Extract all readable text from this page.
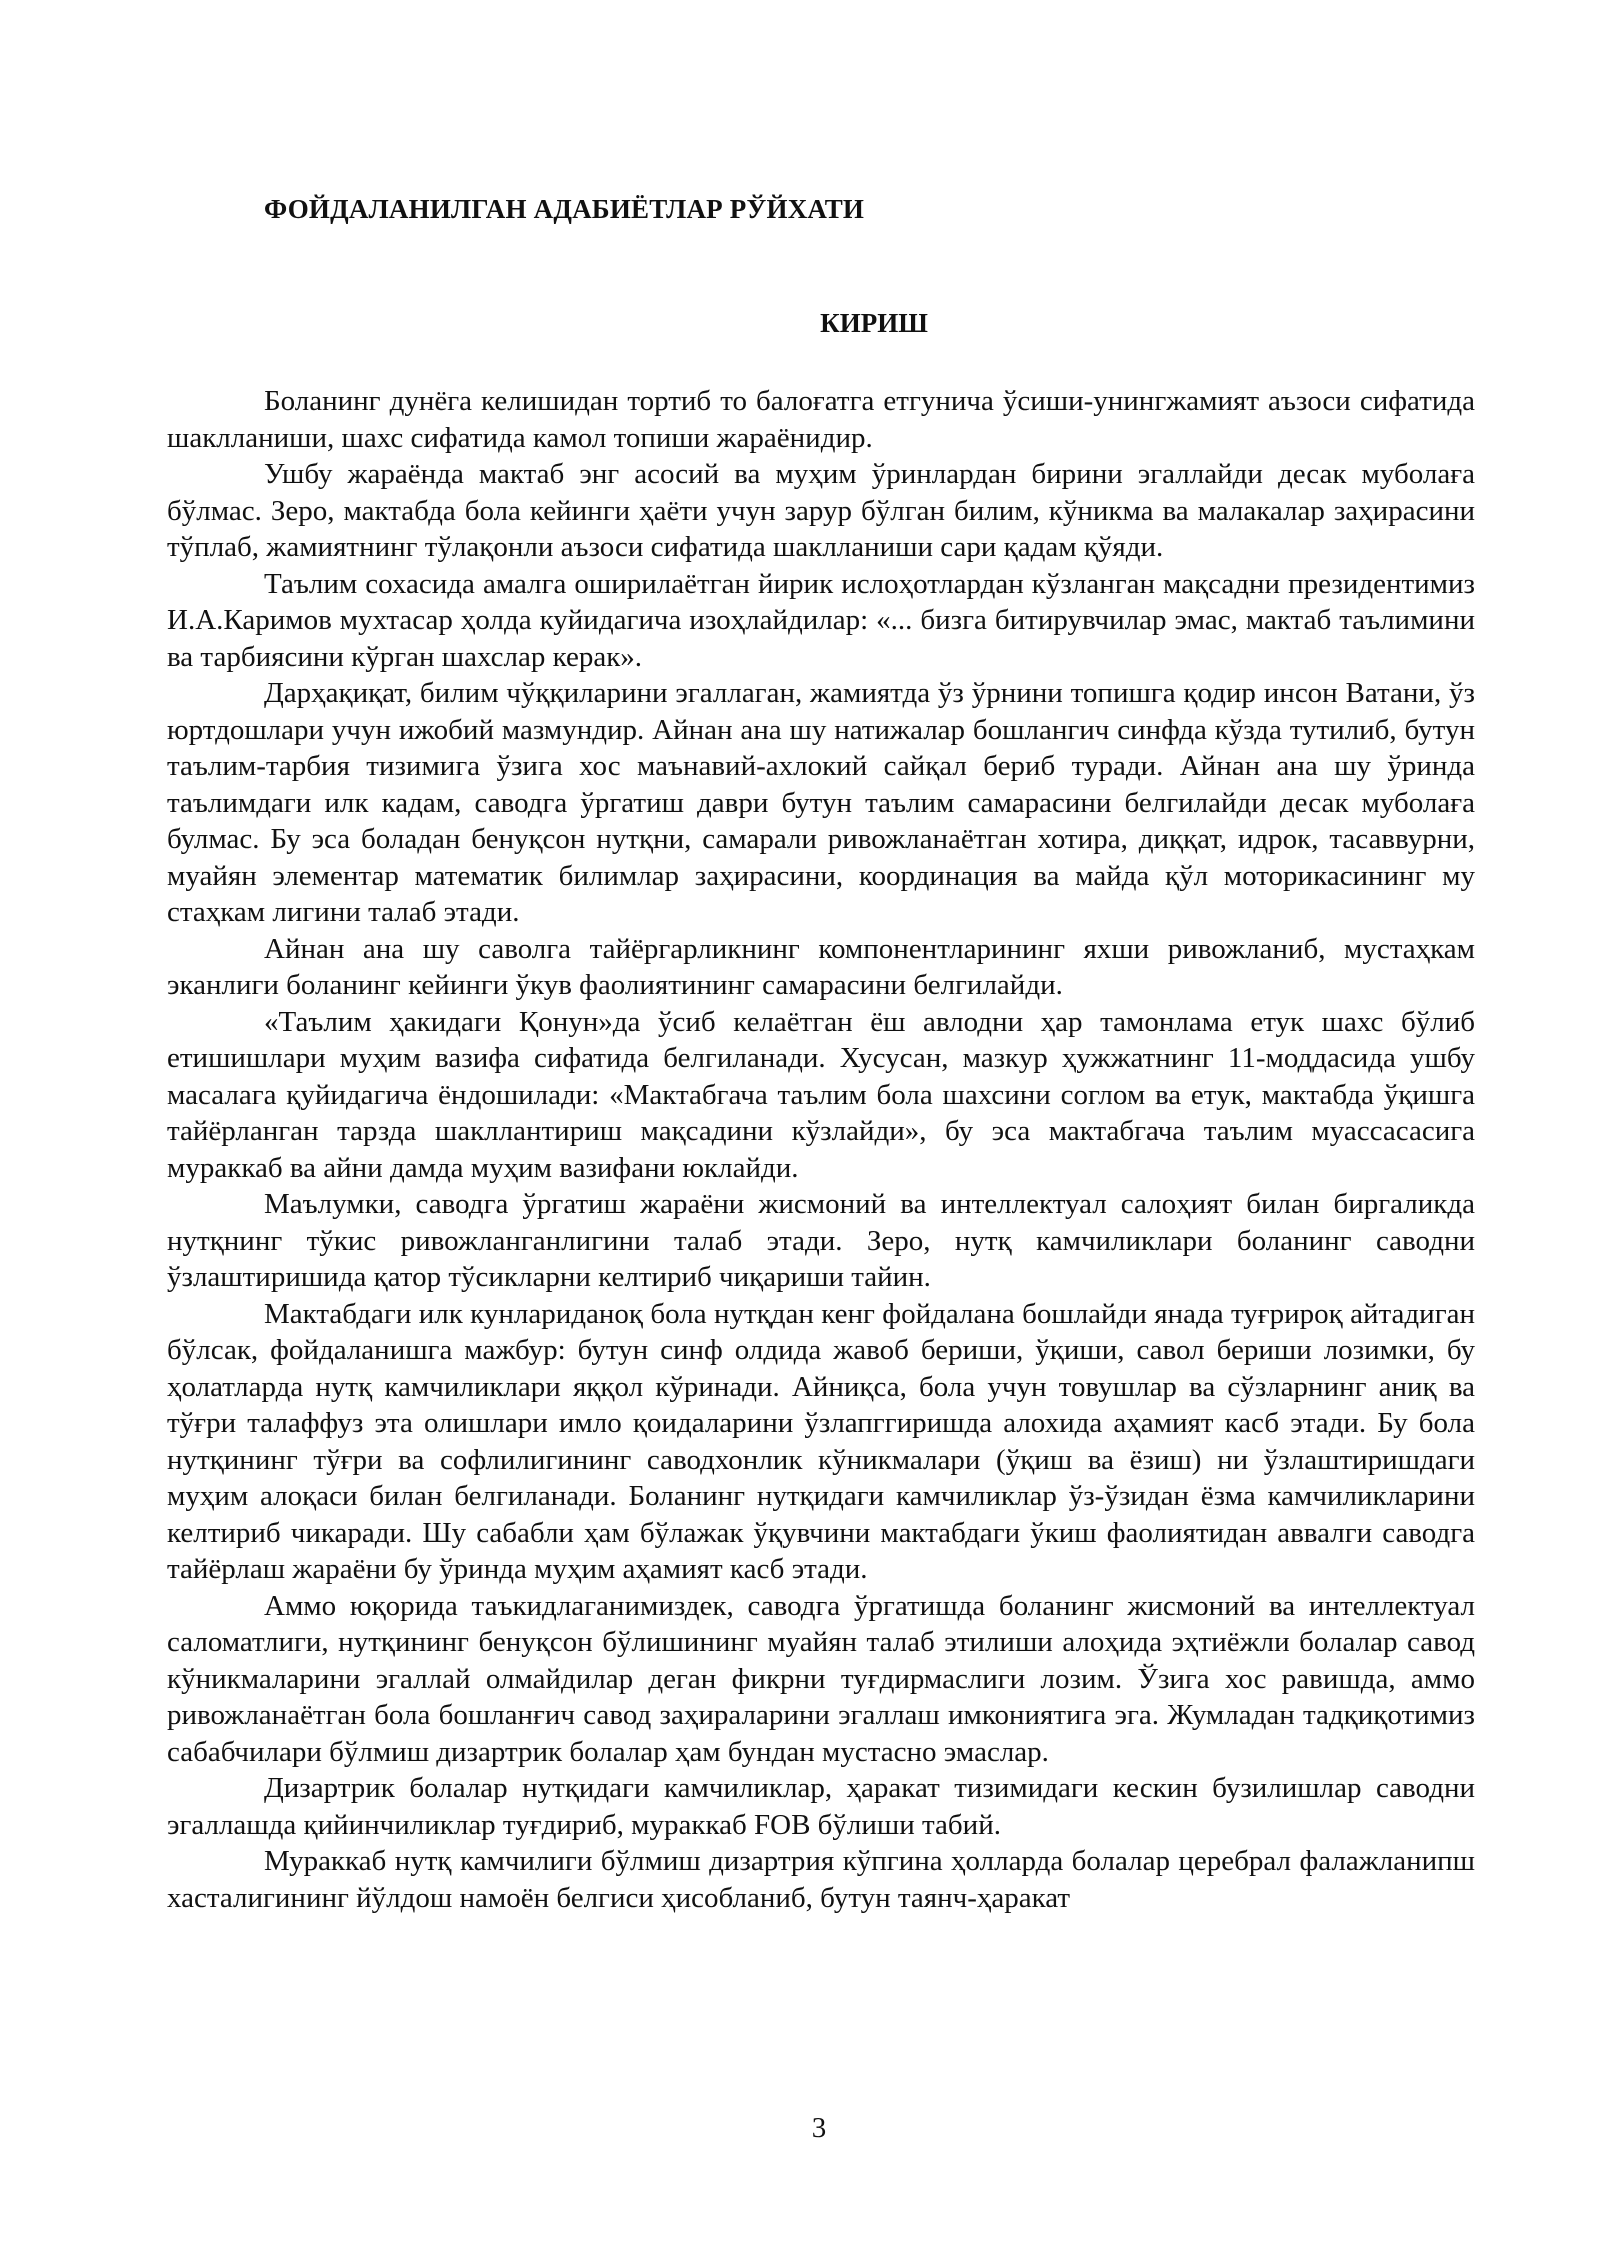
ФОЙДАЛАНИЛГАН АДАБИЁТЛАР РЎЙХАТИ
КИРИШ

Боланинг дунёга келишидан тортиб то балоғатга етгунича ўсиши-унингжамият аъзоси сифатида шаклланиши, шахс сифатида камол топиши жараёнидир.

Ушбу жараёнда мактаб энг асосий ва муҳим ўринлардан бирини эгаллайди десак муболаға бўлмас. Зеро, мактабда бола кейинги ҳаёти учун зарур бўлган билим, кўникма ва малакалар заҳирасини тўплаб, жамиятнинг тўлақонли аъзоси сифатида шаклланиши сари қадам қўяди.

Таълим сохасида амалга оширилаётган йирик ислоҳотлардан кўзланган мақсадни президентимиз И.А.Каримов мухтасар ҳолда куйидагича изоҳлайдилар: «... бизга битирувчилар эмас, мактаб таълимини ва тарбиясини кўрган шахслар керак».

Дарҳақиқат, билим чўққиларини эгаллаган, жамиятда ўз ўрнини топишга қодир инсон Ватани, ўз юртдошлари учун ижобий мазмундир. Айнан ана шу натижалар бошлангич синфда кўзда тутилиб, бутун таълим-тарбия тизимига ўзига хос маънавий-ахлокий сайқал бериб туради. Айнан ана шу ўринда таълимдаги илк кадам, саводга ўргатиш даври бутун таълим самарасини белгилайди десак муболаға булмас. Бу эса боладан бенуқсон нутқни, самарали ривожланаётган хотира, диққат, идрок, тасаввурни, муайян элементар математик билимлар заҳирасини, координация ва майда қўл моторикасининг му стаҳкам лигини талаб этади.

Айнан ана шу саволга тайёргарликнинг компонентларининг яхши ривожланиб, мустаҳкам эканлиги боланинг кейинги ўкув фаолиятининг самарасини белгилайди.

«Таълим ҳакидаги Қонун»да ўсиб келаётган ёш авлодни ҳар тамонлама етук шахс бўлиб етишишлари муҳим вазифа сифатида белгиланади. Хусусан, мазкур ҳужжатнинг 11-моддасида ушбу масалага қуйидагича ёндошилади: «Мактабгача таълим бола шахсини соглом ва етук, мактабда ўқишга тайёрланган тарзда шакллантириш мақсадини кўзлайди», бу эса мактабгача таълим муассасасига мураккаб ва айни дамда муҳим вазифани юклайди.

Маълумки, саводга ўргатиш жараёни жисмоний ва интеллектуал салоҳият билан биргаликда нутқнинг тўкис ривожланганлигини талаб этади. Зеро, нутқ камчиликлари боланинг саводни ўзлаштиришида қатор тўсикларни келтириб чиқариши тайин.

Мактабдаги илк кунлариданоқ бола нутқдан кенг фойдалана бошлайди янада туғрироқ айтадиган бўлсак, фойдаланишга мажбур: бутун синф олдида жавоб бериши, ўқиши, савол бериши лозимки, бу ҳолатларда нутқ камчиликлари яққол кўринади. Айниқса, бола учун товушлар ва сўзларнинг аниқ ва тўғри талаффуз эта олишлари имло қоидаларини ўзлапггиришда алохида аҳамият касб этади. Бу бола нутқининг тўғри ва софлилигининг саводхонлик кўникмалари (ўқиш ва ёзиш) ни ўзлаштиришдаги муҳим алоқаси билан белгиланади. Боланинг нутқидаги камчиликлар ўз-ўзидан ёзма камчиликларини келтириб чикаради. Шу сабабли ҳам бўлажак ўқувчини мактабдаги ўкиш фаолиятидан аввалги саводга тайёрлаш жараёни бу ўринда муҳим аҳамият касб этади.

Аммо юқорида таъкидлаганимиздек, саводга ўргатишда боланинг жисмоний ва интеллектуал саломатлиги, нутқининг бенуқсон бўлишининг муайян талаб этилиши алоҳида эҳтиёжли болалар савод кўникмаларини эгаллай олмайдилар деган фикрни туғдирмаслиги лозим. Ўзига хос равишда, аммо ривожланаётган бола бошланғич савод заҳираларини эгаллаш имкониятига эга. Жумладан тадқиқотимиз сабабчилари бўлмиш дизартрик болалар ҳам бундан мустасно эмаслар.

Дизартрик болалар нутқидаги камчиликлар, ҳаракат тизимидаги кескин бузилишлар саводни эгаллашда қийинчиликлар туғдириб, мураккаб FOB бўлиши табий.

Мураккаб нутқ камчилиги бўлмиш дизартрия кўпгина ҳолларда болалар церебрал фалажланипш хасталигининг йўлдош намоён белгиси ҳисобланиб, бутун таянч-ҳаракат

3
